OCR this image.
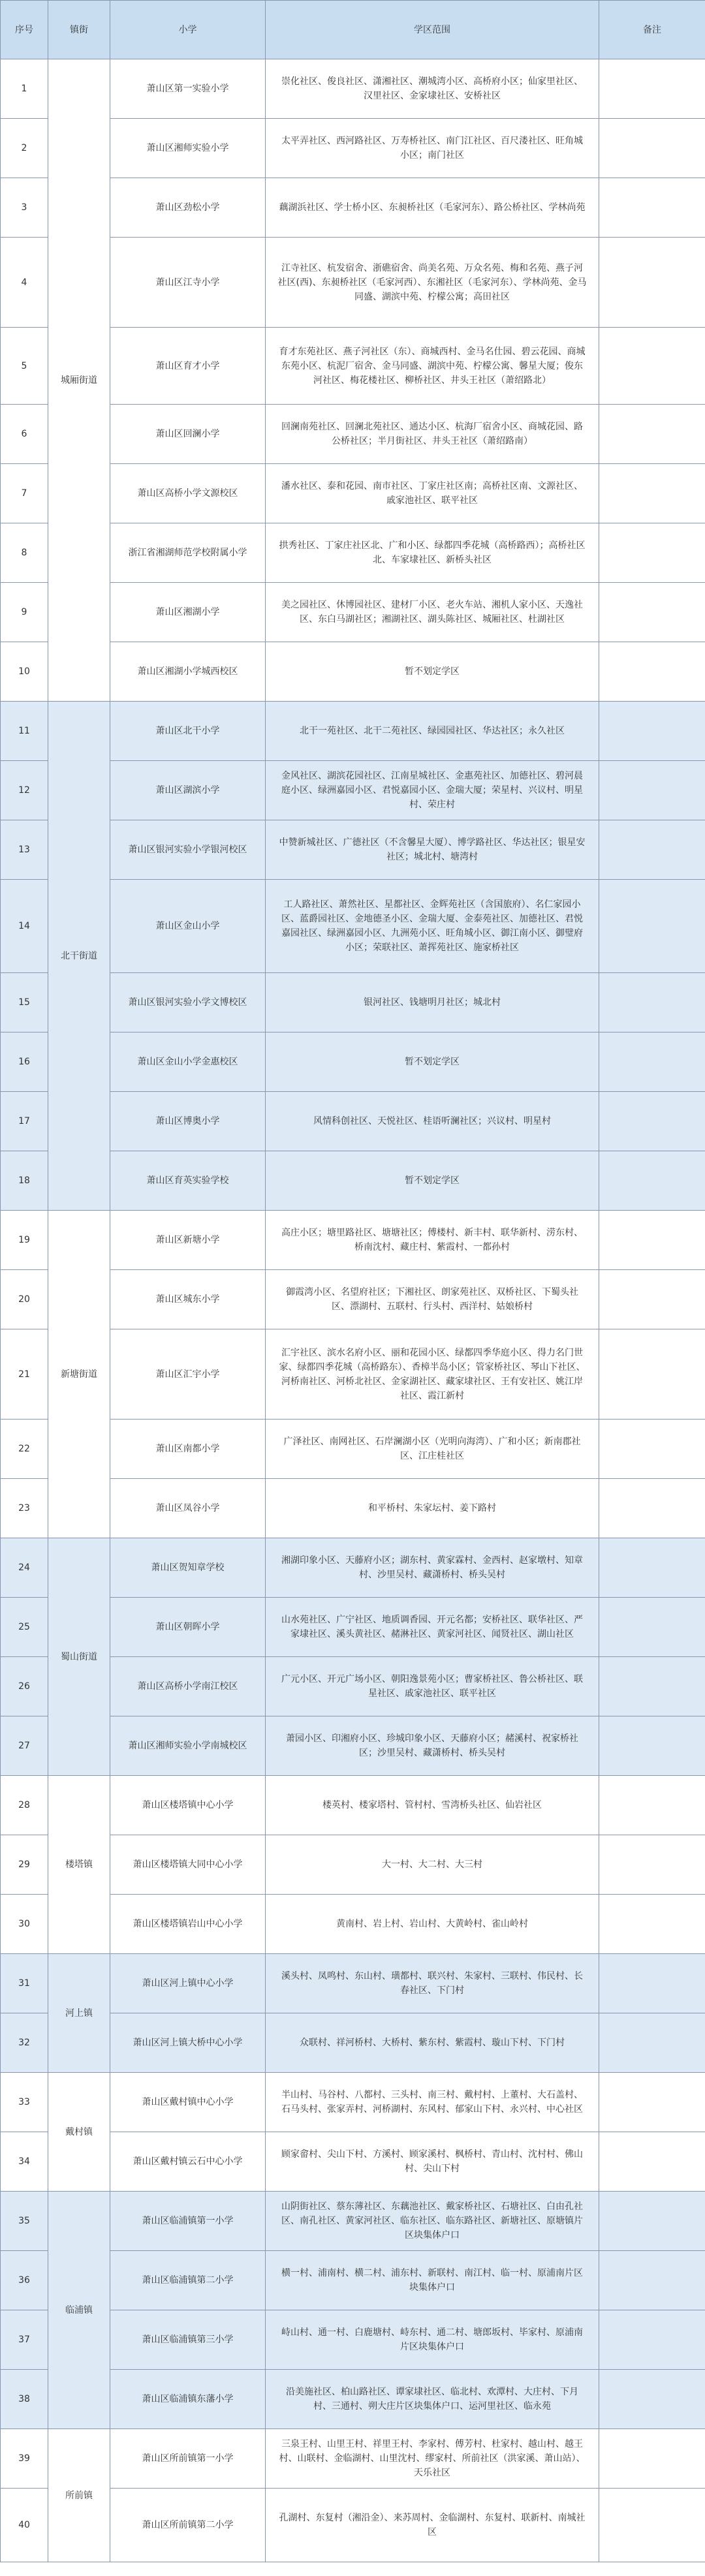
序号	镇街	小学	学区范围	备注
1	城厢街道	萧山区第一实验小学	崇化社区、俊良社区、潇湘社区、潮城湾小区、高桥府小区；仙家里社区、汉里社区、金家埭社区、安桥社区	
2		萧山区湘师实验小学	太平弄社区、西河路社区、万寿桥社区、南门江社区、百尺溇社区、旺角城小区；南门社区	
3		萧山区劲松小学	藕湖浜社区、学士桥小区、东昶桥社区（毛家河东）、路公桥社区、学林尚苑	
4		萧山区江寺小学	江寺社区、杭发宿舍、浙礁宿舍、尚美名苑、万众名苑、梅和名苑、燕子河社区(西)、东昶桥社区（毛家河西）、东湘社区（毛家河东）、学林尚苑、金马同盛、湖滨中苑、柠檬公寓；高田社区	
5		萧山区育才小学	育才东苑社区、燕子河社区（东）、商城西村、金马名仕园、碧云花园、商城东苑小区、杭泥厂宿舍、金马同盛、湖滨中苑、柠檬公寓、馨星大厦；俊东河社区、梅花楼社区、柳桥社区、井头王社区（萧绍路北）	
6		萧山区回澜小学	回澜南苑社区、回澜北苑社区、通达小区、杭海厂宿舍小区、商城花园、路公桥社区；半月街社区、井头王社区（萧绍路南）	
7		萧山区高桥小学文源校区	潘水社区、泰和花园、南市社区、丁家庄社区南；高桥社区南、文源社区、戚家池社区、联平社区	
8		浙江省湘湖师范学校附属小学	拱秀社区、丁家庄社区北、广和小区、绿都四季花城（高桥路西）；高桥社区北、车家埭社区、新桥头社区	
9		萧山区湘湖小学	美之园社区、休博园社区、建材厂小区、老火车站、湘机人家小区、天逸社区、东白马湖社区；湘湖社区、湖头陈社区、城厢社区、杜湖社区	
10		萧山区湘湖小学城西校区	暂不划定学区	
11	北干街道	萧山区北干小学	北干一苑社区、北干二苑社区、绿园园社区、华达社区；永久社区	
12		萧山区湖滨小学	金风社区、湖滨花园社区、江南星城社区、金惠苑社区、加德社区、碧河晨庭小区、绿洲嘉园小区、君悦嘉园小区、金瑞大厦；荣星村、兴议村、明星村、荣庄村	
13		萧山区银河实验小学银河校区	中赞新城社区、广德社区（不含馨星大厦）、博学路社区、华达社区；银星安社区；城北村、塘湾村	
14		萧山区金山小学	工人路社区、萧然社区、星都社区、金辉苑社区（含国旅府）、名仁家园小区、蓝爵园社区、金地德圣小区、金瑞大厦、金泰苑社区、加德社区、君悦嘉园社区、绿洲嘉园小区、九洲苑小区、旺角城小区、御江南小区、御璧府小区；荣联社区、萧挥苑社区、施家桥社区	
15		萧山区银河实验小学文博校区	银河社区、钱塘明月社区；城北村	
16		萧山区金山小学金惠校区	暂不划定学区	
17		萧山区博奥小学	风情科创社区、天悦社区、桂语听澜社区；兴议村、明星村	
18		萧山区育英实验学校	暂不划定学区	
19	新塘街道	萧山区新塘小学	高庄小区；塘里路社区、塘塘社区；傅楼村、新丰村、联华新村、涝东村、桥南沈村、藏庄村、紫霞村、一都孙村	
20		萧山区城东小学	御霞湾小区、名望府社区；下湘社区、朗家苑社区、双桥社区、下蜀头社区、漂湖村、五联村、行头村、西洋村、姑娘桥村	
21		萧山区汇宇小学	汇宇社区、滨水名府小区、丽和花园小区、绿都四季华庭小区、得力名门世家、绿都四季花城（高桥路东）、香樟半岛小区；管家桥社区、琴山下社区、河桥南社区、河桥北社区、金家湖社区、藏家埭社区、王有安社区、姚江岸社区、霞江新村	
22		萧山区南都小学	广泽社区、南网社区、石岸澜湖小区（光明向海湾）、广和小区；新南郡社区、江庄桂社区	
23		萧山区凤谷小学	和平桥村、朱家坛村、姜下路村	
24	蜀山街道	萧山区贺知章学校	湘湖印象小区、天藤府小区；湖东村、黄家霖村、金西村、赵家墩村、知章村、沙里吴村、藏潇桥村、桥头吴村	
25		萧山区朝晖小学	山水苑社区、广宁社区、地质调香园、开元名都；安桥社区、联华社区、严家埭社区、溪头黄社区、赭淋社区、黄家河社区、闻贤社区、湖山社区	
26		萧山区高桥小学南江校区	广元小区、开元广场小区、朝阳逸景苑小区；曹家桥社区、鲁公桥社区、联星社区、戚家池社区、联平社区	
27		萧山区湘师实验小学南城校区	萧园小区、印湘府小区、珍城印象小区、天藤府小区；赭溪村、祝家桥社区；沙里吴村、藏潇桥村、桥头吴村	
28	楼塔镇	萧山区楼塔镇中心小学	楼英村、楼家塔村、管村村、雪湾桥头社区、仙岩社区	
29		萧山区楼塔镇大同中心小学	大一村、大二村、大三村	
30		萧山区楼塔镇岩山中心小学	黄南村、岩上村、岩山村、大黄岭村、雀山岭村	
31	河上镇	萧山区河上镇中心小学	溪头村、凤鸣村、东山村、璜都村、联兴村、朱家村、三联村、伟民村、长春社区、下门村	
32		萧山区河上镇大桥中心小学	众联村、祥河桥村、大桥村、紫东村、紫霞村、璇山下村、下门村	
33	戴村镇	萧山区戴村镇中心小学	半山村、马谷村、八都村、三头村、南三村、戴村村、上董村、大石盖村、石马头村、张家弄村、河桥湖村、东风村、郁家山下村、永兴村、中心社区	
34		萧山区戴村镇云石中心小学	顾家畲村、尖山下村、方溪村、顾家溪村、枫桥村、青山村、沈村村、佛山村、尖山下村	
35	临浦镇	萧山区临浦镇第一小学	山阴街社区、蔡东薄社区、东藕池社区、戴家桥社区、石塘社区、白由孔社区、南孔社区、黄家河社区、临东社区、临东路社区、新塘社区、原塘镇片区块集体户口	
36		萧山区临浦镇第二小学	横一村、浦南村、横二村、浦东村、新联村、南江村、临一村、原浦南片区块集体户口	
37		萧山区临浦镇第三小学	峙山村、通一村、白鹿塘村、峙东村、通二村、塘郎坂村、毕家村、原浦南片区块集体户口	
38		萧山区临浦镇东藩小学	沿美施社区、柏山路社区、谭家埭社区、临北村、欢潭村、大庄村、下月村、三通村、朔大庄片区块集体户口、运河里社区、临永苑	
39	所前镇	萧山区所前镇第一小学	三泉王村、山里王村、祥里王村、李家村、傅芳村、杜家村、越山村、越王村、山联村、金临湖村、山里沈村、缪家村、所前社区（洪家溪、萧山站）、天乐社区	
40		萧山区所前镇第二小学	孔湖村、东复村（湘沿金）、来苏周村、金临湖村、东复村、联新村、南城社区	
